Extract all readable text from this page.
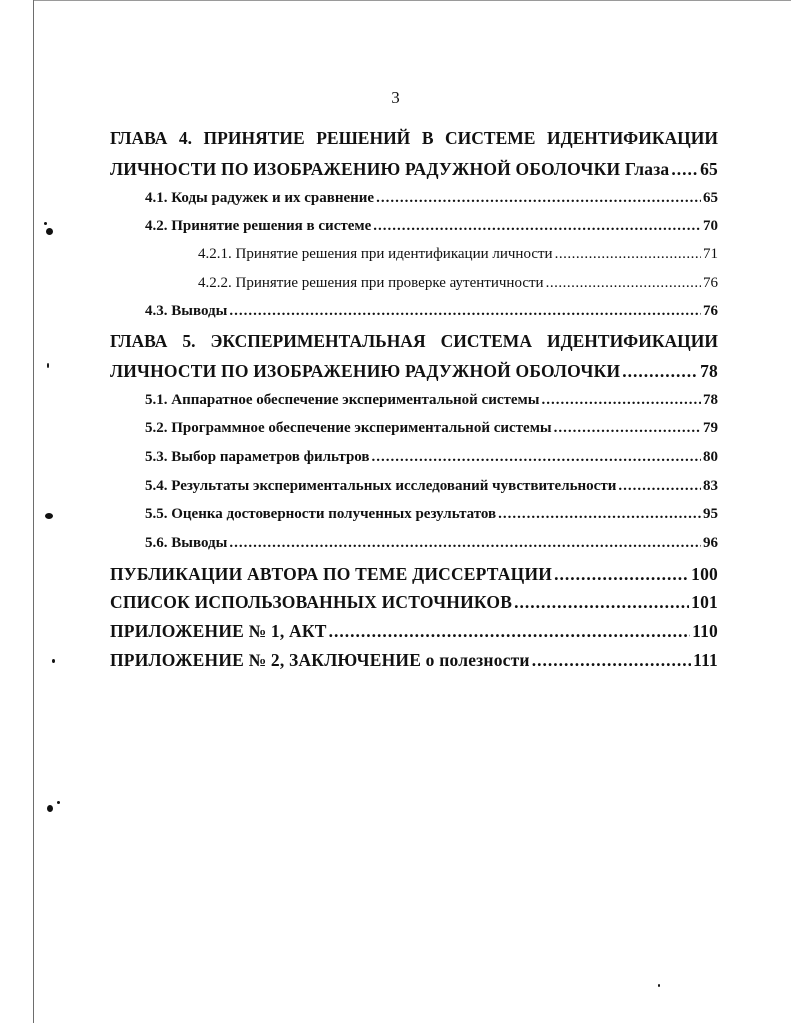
3
ГЛАВА 4. ПРИНЯТИЕ РЕШЕНИЙ В СИСТЕМЕ ИДЕНТИФИКАЦИИ
ЛИЧНОСТИ ПО ИЗОБРАЖЕНИЮ РАДУЖНОЙ ОБОЛОЧКИ Глаза ..... 65
4.1. Коды радужек и их сравнение .....	65
4.2. Принятие решения в системе .....	70
4.2.1. Принятие решения при идентификации личности .....	71
4.2.2. Принятие решения при проверке аутентичности .....	76
4.3. Выводы .....	76
ГЛАВА 5. ЭКСПЕРИМЕНТАЛЬНАЯ СИСТЕМА ИДЕНТИФИКАЦИИ
ЛИЧНОСТИ ПО ИЗОБРАЖЕНИЮ РАДУЖНОЙ ОБОЛОЧКИ .....	78
5.1. Аппаратное обеспечение экспериментальной системы .....	78
5.2. Программное обеспечение экспериментальной системы .....	79
5.3. Выбор параметров фильтров .....	80
5.4. Результаты экспериментальных исследований чувствительности .....	83
5.5. Оценка достоверности полученных результатов .....	95
5.6. Выводы .....	96
ПУБЛИКАЦИИ АВТОРА ПО ТЕМЕ ДИССЕРТАЦИИ .....	100
СПИСОК ИСПОЛЬЗОВАННЫХ ИСТОЧНИКОВ .....	101
ПРИЛОЖЕНИЕ № 1, АКТ .....	110
ПРИЛОЖЕНИЕ № 2, ЗАКЛЮЧЕНИЕ о полезности .....	111
